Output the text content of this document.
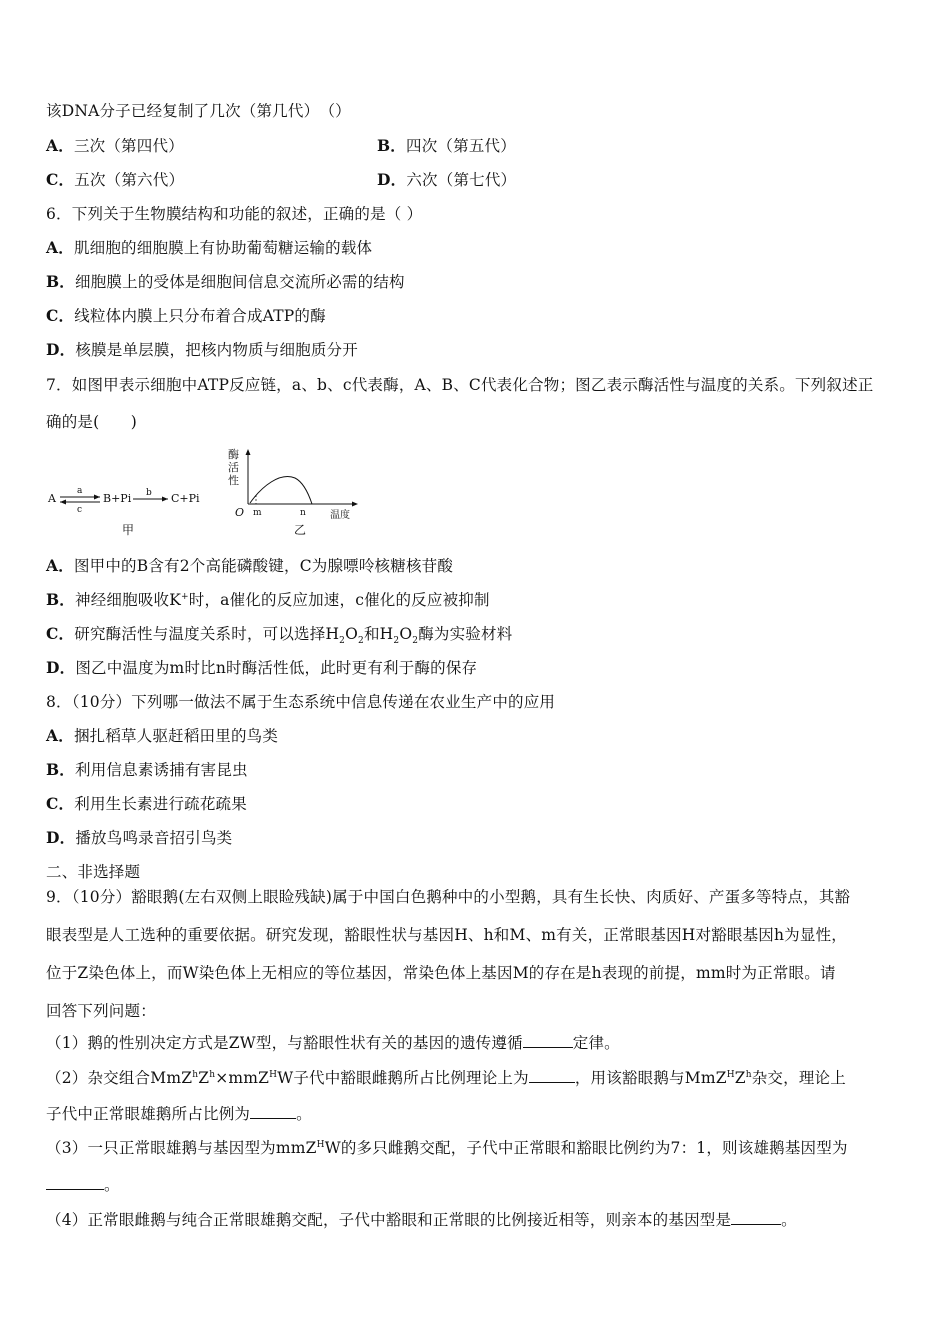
该DNA分子已经复制了几次（第几代）　（）
A．三次（第四代）	B．四次（第五代）
C．五次（第六代）	D．六次（第七代）
6．下列关于生物膜结构和功能的叙述，正确的是（ ）
A．肌细胞的细胞膜上有协助葡萄糖运输的载体
B．细胞膜上的受体是细胞间信息交流所必需的结构
C．线粒体内膜上只分布着合成ATP的酶
D．核膜是单层膜，把核内物质与细胞质分开
7．如图甲表示细胞中ATP反应链，a、b、c代表酶，A、B、C代表化合物；图乙表示酶活性与温度的关系。下列叙述正
确的是(　　)
A
a
c
B+Pi b C+Pi
甲
酶
活
性
O m	n 温度
乙
A．图甲中的B含有2个高能磷酸键，C为腺嘌呤核糖核苷酸
B．神经细胞吸收K+时，a催化的反应加速，c催化的反应被抑制
C．研究酶活性与温度关系时，可以选择$H_2O_2$和$H_2O_2$酶为实验材料
D．图乙中温度为m时比n时酶活性低，此时更有利于酶的保存
8．（10分）下列哪一做法不属于生态系统中信息传递在农业生产中的应用
A．捆扎稻草人驱赶稻田里的鸟类
B．利用信息素诱捕有害昆虫
C．利用生长素进行疏花疏果
D．播放鸟鸣录音招引鸟类
二、非选择题
9．（10分）豁眼鹅(左右双侧上眼睑残缺)属于中国白色鹅种中的小型鹅，具有生长快、肉质好、产蛋多等特点，其豁
眼表型是人工选种的重要依据。研究发现，豁眼性状与基因H、h和M、m有关，正常眼基因H对豁眼基因h为显性，
位于Z染色体上，而W染色体上无相应的等位基因，常染色体上基因M的存在是h表现的前提，mm时为正常眼。请
回答下列问题：
（1）鹅的性别决定方式是ZW型，与豁眼性状有关的基因的遗传遵循	定律。
（2）杂交组合$MmZ^hZ^h\times mmZ^HW$子代中豁眼雌鹅所占比例理论上为	，用该豁眼鹅与$MmZ^HZ^h$杂交，理论上
子代中正常眼雄鹅所占比例为	。
（3）一只正常眼雄鹅与基因型为mmZ$^H$W的多只雌鹅交配，子代中正常眼和豁眼比例约为7：1，则该雄鹅基因型为
。
（4）正常眼雌鹅与纯合正常眼雄鹅交配，子代中豁眼和正常眼的比例接近相等，则亲本的基因型是	。
